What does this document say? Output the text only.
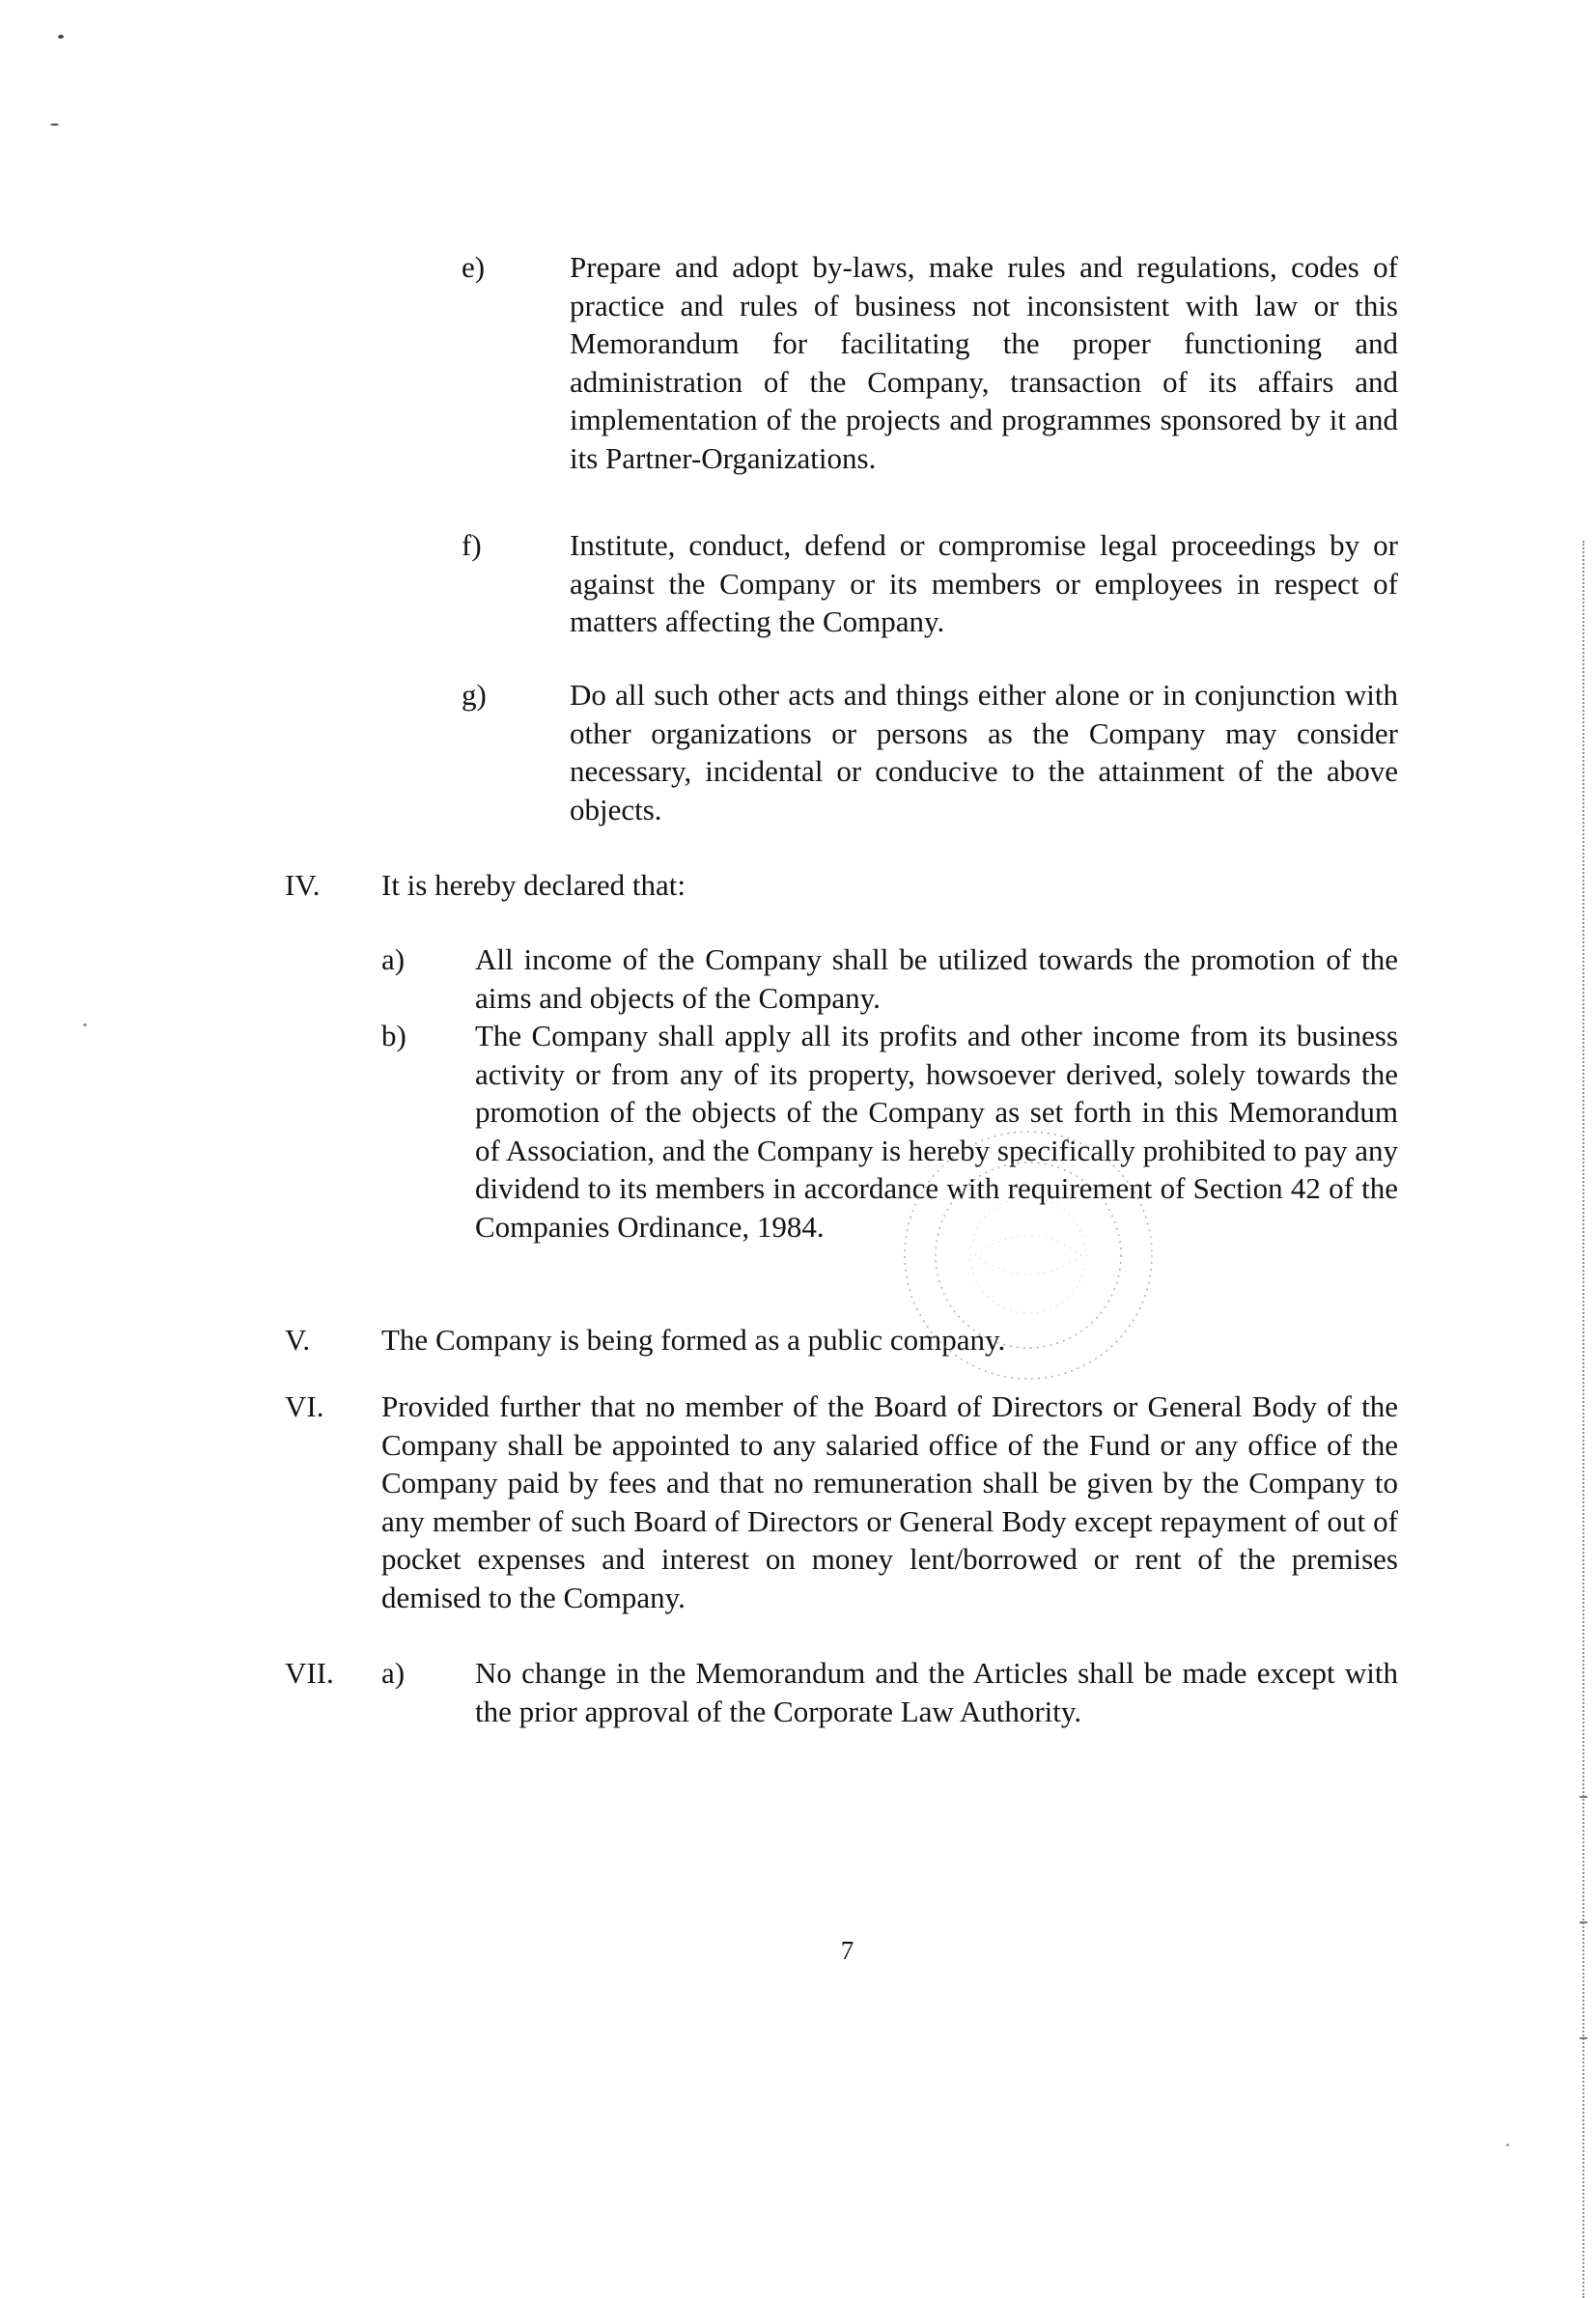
e)	Prepare and adopt by-laws, make rules and regulations, codes of practice and rules of business not inconsistent with law or this Memorandum for facilitating the proper functioning and administration of the Company, transaction of its affairs and implementation of the projects and programmes sponsored by it and its Partner-Organizations.
f)	Institute, conduct, defend or compromise legal proceedings by or against the Company or its members or employees in respect of matters affecting the Company.
g)	Do all such other acts and things either alone or in conjunction with other organizations or persons as the Company may consider necessary, incidental or conducive to the attainment of the above objects.
IV. It is hereby declared that:
a) All income of the Company shall be utilized towards the promotion of the aims and objects of the Company.
b) The Company shall apply all its profits and other income from its business activity or from any of its property, howsoever derived, solely towards the promotion of the objects of the Company as set forth in this Memorandum of Association, and the Company is hereby specifically prohibited to pay any dividend to its members in accordance with requirement of Section 42 of the Companies Ordinance, 1984.
V. The Company is being formed as a public company.
VI. Provided further that no member of the Board of Directors or General Body of the Company shall be appointed to any salaried office of the Fund or any office of the Company paid by fees and that no remuneration shall be given by the Company to any member of such Board of Directors or General Body except repayment of out of pocket expenses and interest on money lent/borrowed or rent of the premises demised to the Company.
VII. a) No change in the Memorandum and the Articles shall be made except with the prior approval of the Corporate Law Authority.
7
